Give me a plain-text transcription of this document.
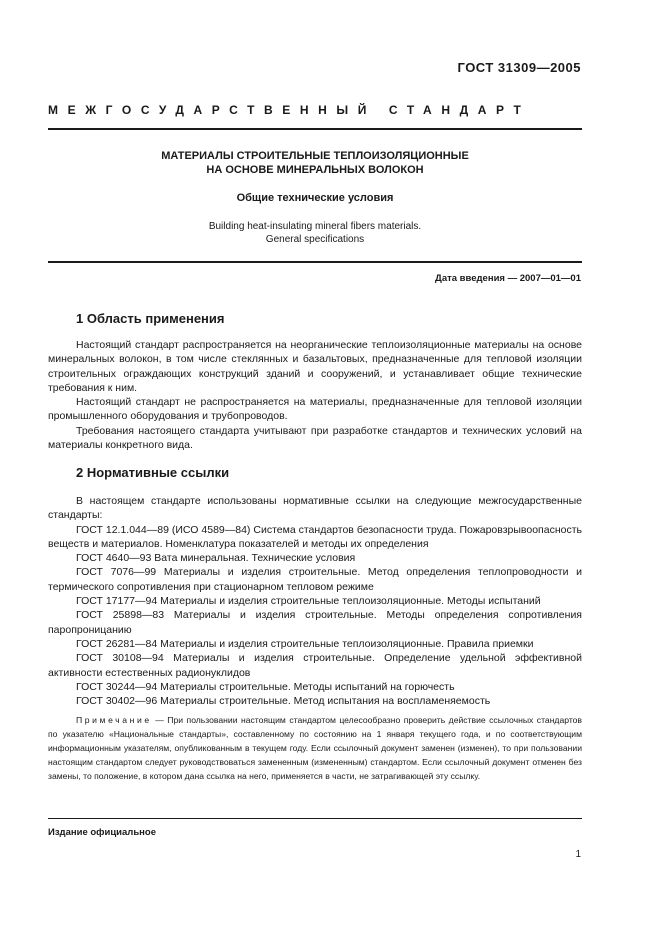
ГОСТ 31309—2005
МЕЖГОСУДАРСТВЕННЫЙ СТАНДАРТ
МАТЕРИАЛЫ СТРОИТЕЛЬНЫЕ ТЕПЛОИЗОЛЯЦИОННЫЕ
НА ОСНОВЕ МИНЕРАЛЬНЫХ ВОЛОКОН
Общие технические условия
Building heat-insulating mineral fibers materials.
General specifications
Дата введения — 2007—01—01
1 Область применения

Настоящий стандарт распространяется на неорганические теплоизоляционные материалы на основе минеральных волокон, в том числе стеклянных и базальтовых, предназначенные для тепловой изоляции строительных ограждающих конструкций зданий и сооружений, и устанавливает общие технические требования к ним.

Настоящий стандарт не распространяется на материалы, предназначенные для тепловой изоляции промышленного оборудования и трубопроводов.

Требования настоящего стандарта учитывают при разработке стандартов и технических условий на материалы конкретного вида.

2 Нормативные ссылки

В настоящем стандарте использованы нормативные ссылки на следующие межгосударственные стандарты:

ГОСТ 12.1.044—89 (ИСО 4589—84) Система стандартов безопасности труда. Пожаровзрывоопасность веществ и материалов. Номенклатура показателей и методы их определения

ГОСТ 4640—93 Вата минеральная. Технические условия

ГОСТ 7076—99 Материалы и изделия строительные. Метод определения теплопроводности и термического сопротивления при стационарном тепловом режиме

ГОСТ 17177—94 Материалы и изделия строительные теплоизоляционные. Методы испытаний

ГОСТ 25898—83 Материалы и изделия строительные. Методы определения сопротивления паропроницанию

ГОСТ 26281—84 Материалы и изделия строительные теплоизоляционные. Правила приемки

ГОСТ 30108—94 Материалы и изделия строительные. Определение удельной эффективной активности естественных радионуклидов

ГОСТ 30244—94 Материалы строительные. Методы испытаний на горючесть

ГОСТ 30402—96 Материалы строительные. Метод испытания на воспламеняемость

Примечание — При пользовании настоящим стандартом целесообразно проверить действие ссылочных стандартов по указателю «Национальные стандарты», составленному по состоянию на 1 января текущего года, и по соответствующим информационным указателям, опубликованным в текущем году. Если ссылочный документ заменен (изменен), то при пользовании настоящим стандартом следует руководствоваться замененным (измененным) стандартом. Если ссылочный документ отменен без замены, то положение, в котором дана ссылка на него, применяется в части, не затрагивающей эту ссылку.

Издание официальное
1
